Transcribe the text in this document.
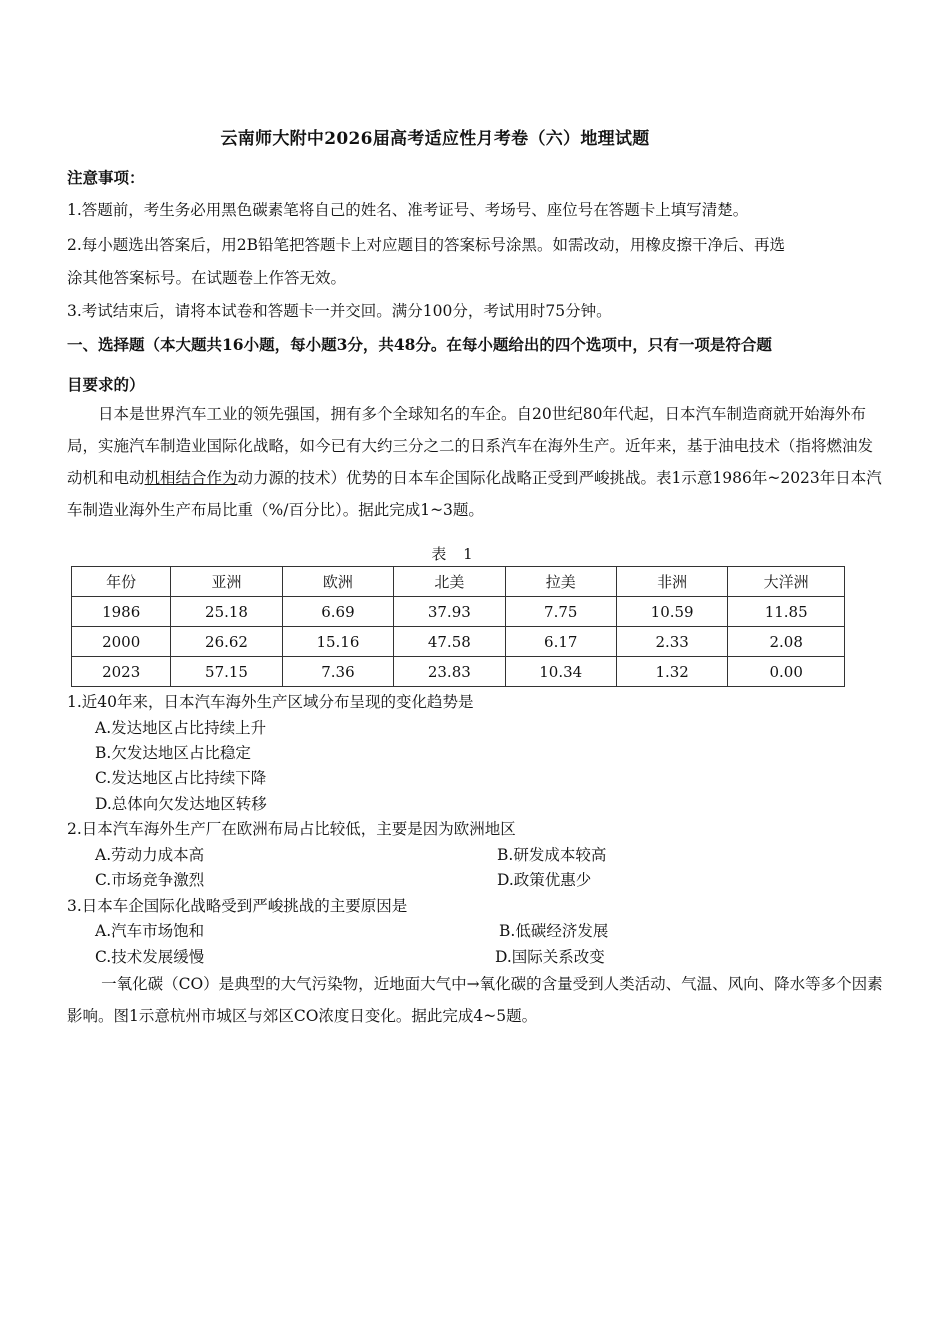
云南师大附中2026届高考适应性月考卷（六）地理试题
注意事项：
1.答题前，考生务必用黑色碳素笔将自己的姓名、准考证号、考场号、座位号在答题卡上填写清楚。
2.每小题选出答案后，用2B铅笔把答题卡上对应题目的答案标号涂黑。如需改动，用橡皮擦干净后、再选
涂其他答案标号。在试题卷上作答无效。
3.考试结束后，请将本试卷和答题卡一并交回。满分100分，考试用时75分钟。
一、选择题（本大题共16小题，每小题3分，共48分。在每小题给出的四个选项中，只有一项是符合题
目要求的）
日本是世界汽车工业的领先强国，拥有多个全球知名的车企。自20世纪80年代起，日本汽车制造商就开始海外布局，实施汽车制造业国际化战略，如今已有大约三分之二的日系汽车在海外生产。近年来，基于油电技术（指将燃油发动机和电动机相结合作为动力源的技术）优势的日本车企国际化战略正受到严峻挑战。表1示意1986年~2023年日本汽车制造业海外生产布局比重（%/百分比）。据此完成1~3题。
表 1
年份	亚洲	欧洲	北美	拉美	非洲	大洋洲
1986	25.18	6.69	37.93	7.75	10.59	11.85
2000	26.62	15.16	47.58	6.17	2.33	2.08
2023	57.15	7.36	23.83	10.34	1.32	0.00
1.近40年来，日本汽车海外生产区域分布呈现的变化趋势是
A.发达地区占比持续上升
B.欠发达地区占比稳定
C.发达地区占比持续下降
D.总体向欠发达地区转移
2.日本汽车海外生产厂在欧洲布局占比较低，主要是因为欧洲地区
A.劳动力成本高	B.研发成本较高
C.市场竞争激烈	D.政策优惠少
3.日本车企国际化战略受到严峻挑战的主要原因是
A.汽车市场饱和	B.低碳经济发展
C.技术发展缓慢	D.国际关系改变
一氧化碳（CO）是典型的大气污染物，近地面大气中→氧化碳的含量受到人类活动、气温、风向、降水等多个因素影响。图1示意杭州市城区与郊区CO浓度日变化。据此完成4~5题。
